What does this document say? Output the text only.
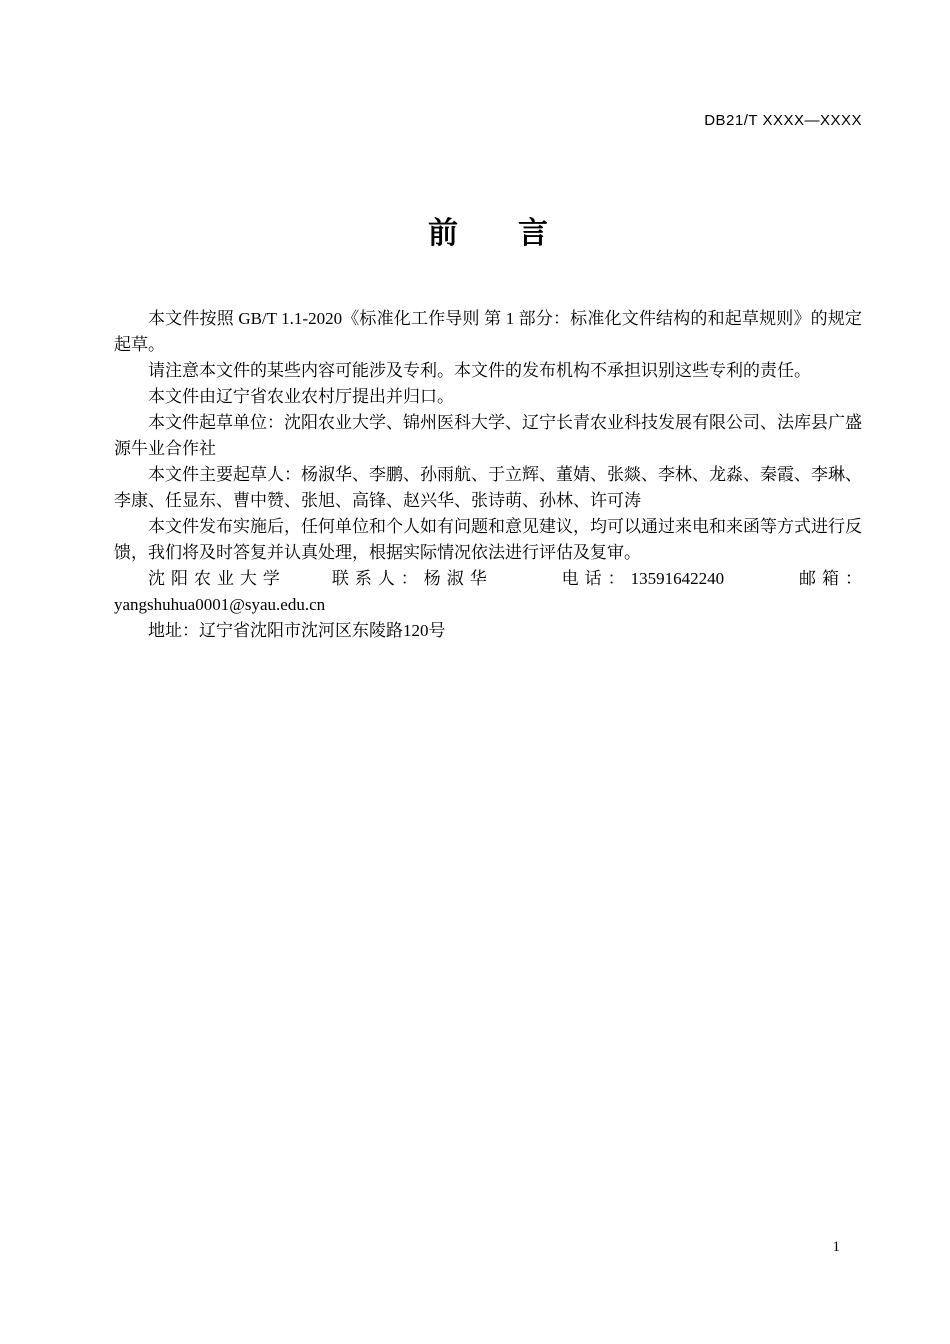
DB21/T XXXX—XXXX
前　　言

本文件按照 GB/T 1.1-2020《标准化工作导则 第 1 部分：标准化文件结构的和起草规则》的规定起草。

请注意本文件的某些内容可能涉及专利。本文件的发布机构不承担识别这些专利的责任。

本文件由辽宁省农业农村厅提出并归口。

本文件起草单位：沈阳农业大学、锦州医科大学、辽宁长青农业科技发展有限公司、法库县广盛源牛业合作社

本文件主要起草人：杨淑华、李鹏、孙雨航、于立辉、董婧、张燚、李林、龙淼、秦霞、李琳、李康、任显东、曹中赞、张旭、高锋、赵兴华、张诗萌、孙林、许可涛

本文件发布实施后，任何单位和个人如有问题和意见建议，均可以通过来电和来函等方式进行反馈，我们将及时答复并认真处理，根据实际情况依法进行评估及复审。

沈阳农业大学　　联系人：杨淑华　　　电话：13591642240　　　邮箱：yangshuhua0001@syau.edu.cn

地址：辽宁省沈阳市沈河区东陵路120号

1
